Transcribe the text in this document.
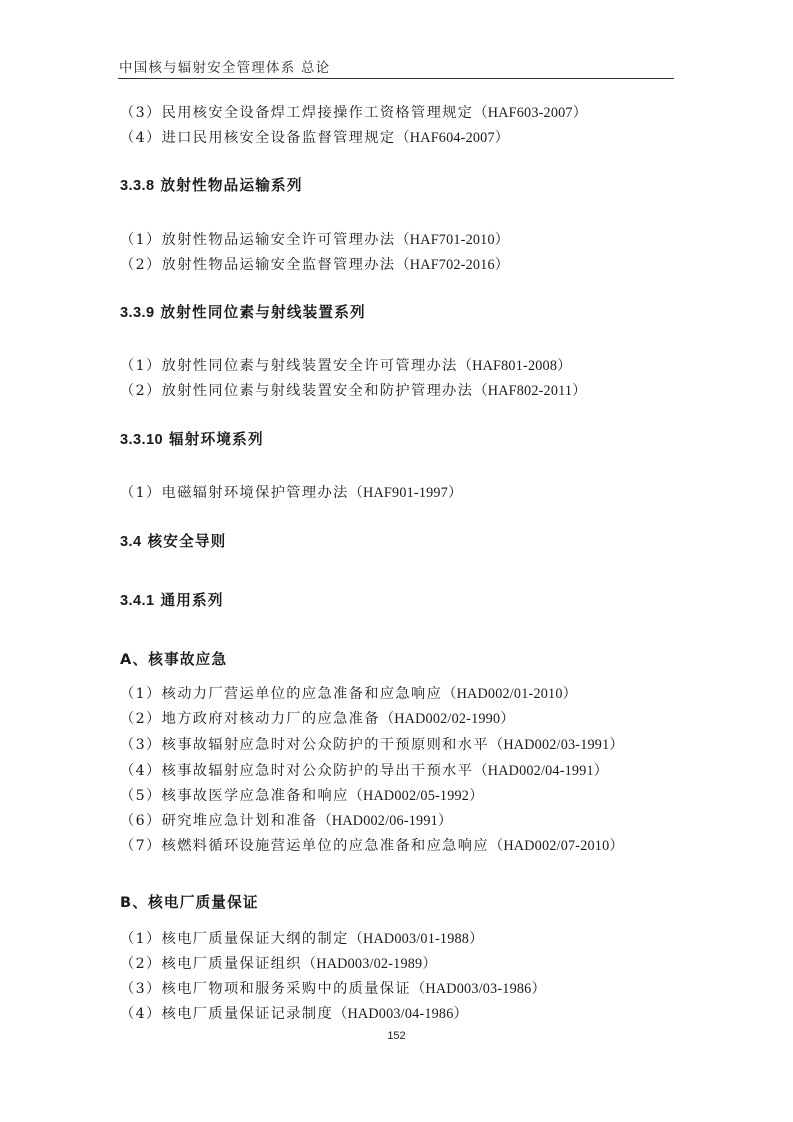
中国核与辐射安全管理体系 总论
（3）民用核安全设备焊工焊接操作工资格管理规定（HAF603-2007）
（4）进口民用核安全设备监督管理规定（HAF604-2007）
3.3.8 放射性物品运输系列
（1）放射性物品运输安全许可管理办法（HAF701-2010）
（2）放射性物品运输安全监督管理办法（HAF702-2016）
3.3.9 放射性同位素与射线装置系列
（1）放射性同位素与射线装置安全许可管理办法（HAF801-2008）
（2）放射性同位素与射线装置安全和防护管理办法（HAF802-2011）
3.3.10 辐射环境系列
（1）电磁辐射环境保护管理办法（HAF901-1997）
3.4 核安全导则
3.4.1 通用系列
A、核事故应急
（1）核动力厂营运单位的应急准备和应急响应（HAD002/01-2010）
（2）地方政府对核动力厂的应急准备（HAD002/02-1990）
（3）核事故辐射应急时对公众防护的干预原则和水平（HAD002/03-1991）
（4）核事故辐射应急时对公众防护的导出干预水平（HAD002/04-1991）
（5）核事故医学应急准备和响应（HAD002/05-1992）
（6）研究堆应急计划和准备（HAD002/06-1991）
（7）核燃料循环设施营运单位的应急准备和应急响应（HAD002/07-2010）
B、核电厂质量保证
（1）核电厂质量保证大纲的制定（HAD003/01-1988）
（2）核电厂质量保证组织（HAD003/02-1989）
（3）核电厂物项和服务采购中的质量保证（HAD003/03-1986）
（4）核电厂质量保证记录制度（HAD003/04-1986）
152
